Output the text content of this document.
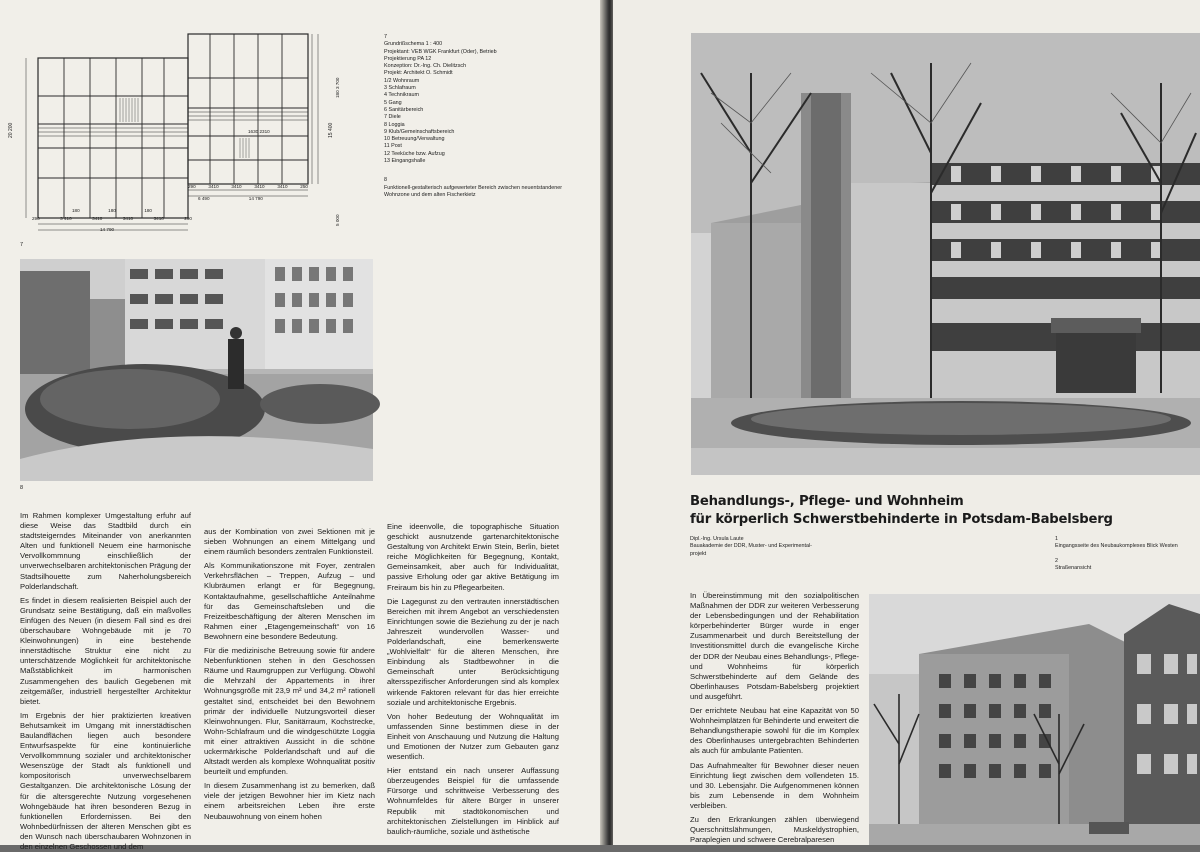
20 200	15 400
1630 2310
180 3 700
5 000
290	3410	3410	3410	3410	250
6 490	14 790
290	3 410	3410	3410	3410	290
180	180	180
14 790
7
7
Grundrißschema 1 : 400
Projektant: VEB WGK Frankfurt (Oder), Betrieb
Projektierung PA 12
Konzeption: Dr.-Ing. Ch. Dielitzsch
Projekt: Architekt O. Schmidt
1/2 Wohnraum
3 Schlafraum
4 Technikraum
5 Gang
6 Sanitärbereich
7 Diele
8 Loggia
9 Klub/Gemeinschaftsbereich
10 Betreuung/Verwaltung
11 Post
12 Teeküche bzw. Aufzug
13 Eingangshalle
8
Funktionell-gestalterisch aufgewerteter Bereich zwischen neuentstandener Wohnzone und dem alten Fischerkietz
8

Im Rahmen komplexer Umgestaltung erfuhr auf diese Weise das Stadtbild durch ein stadtsteigerndes Miteinander von anerkannten Alten und funktionell Neuem eine harmonische Vervollkommnung einschließlich der unverwechselbaren architektonischen Prägung der Stadtsilhouette zum Naherholungsbereich Polderlandschaft.

Es findet in diesem realisierten Beispiel auch der Grundsatz seine Bestätigung, daß ein maßvolles Einfügen des Neuen (in diesem Fall sind es drei überschaubare Wohngebäude mit je 70 Kleinwohnungen) in eine bestehende innerstädtische Struktur eine nicht zu unterschätzende Möglichkeit für architektonische Maßstäblichkeit im harmonischen Zusammengehen des baulich Gegebenen mit zeitgemäßer, industriell hergestellter Architektur bietet.

Im Ergebnis der hier praktizierten kreativen Behutsamkeit im Umgang mit innerstädtischen Baulandflächen liegen auch besondere Entwurfsaspekte für eine kontinuierliche Vervollkommnung sozialer und architektonischer Wesenszüge der Stadt als funktionell und kompositorisch unverwechselbarem Gestaltganzen. Die architektonische Lösung der für die altersgerechte Nutzung vorgesehenen Wohngebäude hat ihren besonderen Bezug in funktionellen Erfordernissen. Bei den Wohnbedürfnissen der älteren Menschen gibt es den Wunsch nach überschaubaren Wohnzonen in den einzelnen Geschossen und dem

aus der Kombination von zwei Sektionen mit je sieben Wohnungen an einem Mittelgang und einem räumlich besonders zentralen Funktionsteil.

Als Kommunikationszone mit Foyer, zentralen Verkehrsflächen – Treppen, Aufzug – und Klubräumen erlangt er für Begegnung, Kontaktaufnahme, gesellschaftliche Anteilnahme für das Gemeinschaftsleben und die Freizeitbeschäftigung der älteren Menschen im Rahmen einer „Etagengemeinschaft“ von 16 Bewohnern eine besondere Bedeutung.

Für die medizinische Betreuung sowie für andere Nebenfunktionen stehen in den Geschossen Räume und Raumgruppen zur Verfügung. Obwohl die Mehrzahl der Appartements in ihrer Wohnungsgröße mit 23,9 m² und 34,2 m² rationell gestaltet sind, entscheidet bei den Bewohnern primär der individuelle Nutzungsvorteil dieser Kleinwohnungen. Flur, Sanitärraum, Kochstrecke, Wohn-Schlafraum und die windgeschützte Loggia mit einer attraktiven Aussicht in die schöne uckermärkische Polderlandschaft und auf die Altstadt werden als komplexe Wohnqualität positiv beurteilt und empfunden.

In diesem Zusammenhang ist zu bemerken, daß viele der jetzigen Bewohner hier im Kietz nach einem arbeitsreichen Leben ihre erste Neubauwohnung von einem hohen

Eine ideenvolle, die topographische Situation geschickt ausnutzende gartenarchitektonische Gestaltung von Architekt Erwin Stein, Berlin, bietet reiche Möglichkeiten für Begegnung, Kontakt, Gemeinsamkeit, aber auch für Individualität, passive Erholung oder gar aktive Betätigung im Freiraum bis hin zu Pflegearbeiten.

Die Lagegunst zu den vertrauten innerstädtischen Bereichen mit ihrem Angebot an verschiedensten Einrichtungen sowie die Beziehung zu der je nach Jahreszeit wundervollen Wasser- und Polderlandschaft, eine bemerkenswerte „Wohlvielfalt“ für die älteren Menschen, ihre Einbindung als Stadtbewohner in die Gemeinschaft unter Berücksichtigung altersspezifischer Anforderungen sind als komplex wirkende Faktoren relevant für das hier erreichte soziale und architektonische Ergebnis.

Von hoher Bedeutung der Wohnqualität im umfassenden Sinne bestimmen diese in der Einheit von Anschauung und Nutzung die Haltung und Emotionen der Nutzer zum Gebauten ganz wesentlich.

Hier entstand ein nach unserer Auffassung überzeugendes Beispiel für die umfassende Fürsorge und schrittweise Verbesserung des Wohnumfeldes für ältere Bürger in unserer Republik mit stadtökonomischen und architektonischen Zielstellungen im Hinblick auf baulich-räumliche, soziale und ästhetische

Behandlungs-, Pflege- und Wohnheim
für körperlich Schwerstbehinderte in Potsdam-Babelsberg
Dipl.-Ing. Ursula Laute
Bauakademie der DDR, Muster- und Experimental-
projekt
1
Eingangsseite des Neubaukomplexes Blick Westen
2
Straßenansicht

In Übereinstimmung mit den sozialpolitischen Maßnahmen der DDR zur weiteren Verbesserung der Lebensbedingungen und der Rehabilitation körperbehinderter Bürger wurde in enger Zusammenarbeit und durch Bereitstellung der Investitionsmittel durch die evangelische Kirche der DDR der Neubau eines Behandlungs-, Pflege- und Wohnheims für körperlich Schwerstbehinderte auf dem Gelände des Oberlinhauses Potsdam-Babelsberg projektiert und ausgeführt.

Der errichtete Neubau hat eine Kapazität von 50 Wohnheimplätzen für Behinderte und erweitert die Behandlungstherapie sowohl für die im Komplex des Oberlinhauses untergebrachten Behinderten als auch für ambulante Patienten.

Das Aufnahmealter für Bewohner dieser neuen Einrichtung liegt zwischen dem vollendeten 15. und 30. Lebensjahr. Die Aufgenommenen können bis zum Lebensende in dem Wohnheim verbleiben.

Zu den Erkrankungen zählen überwiegend Querschnittslähmungen, Muskeldystrophien, Paraplegien und schwere Cerebralparesen
